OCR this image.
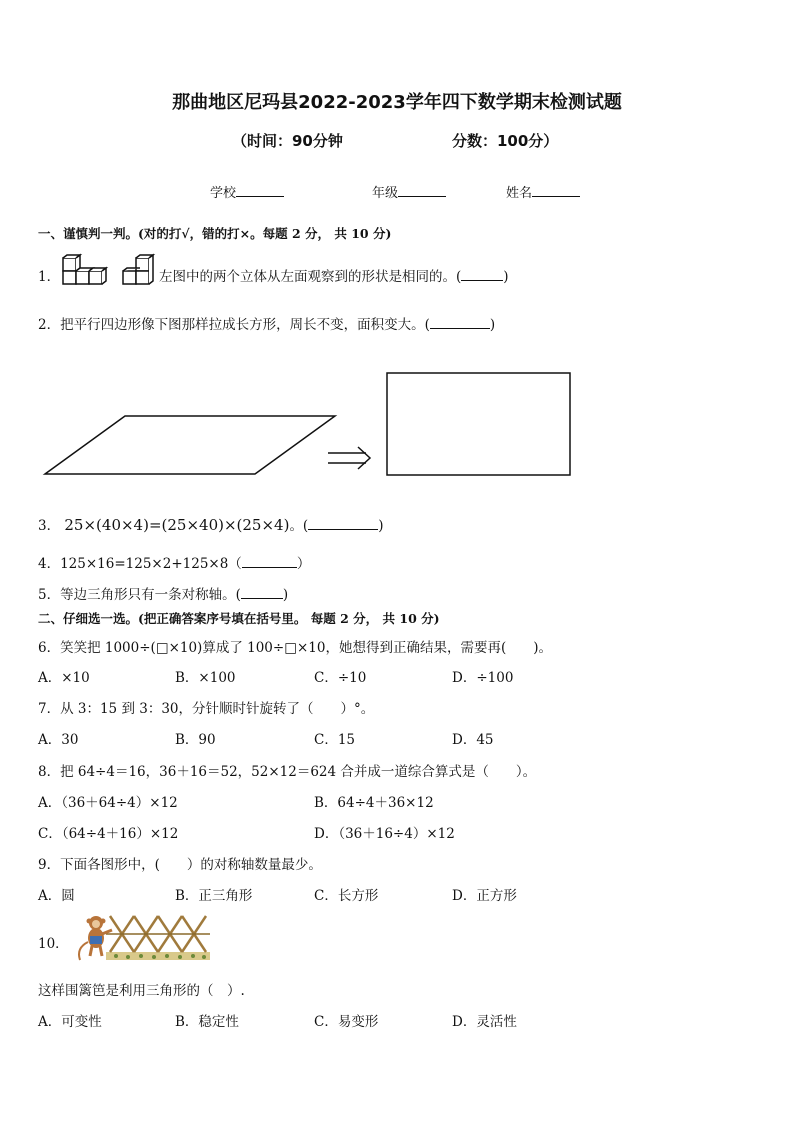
那曲地区尼玛县2022-2023学年四下数学期末检测试题
（时间：90分钟	分数：100分）
学校	年级	姓名
一、谨慎判一判。(对的打√，错的打×。每题 2 分， 共 10 分)
1．	左图中的两个立体从左面观察到的形状是相同的。(	)
2．把平行四边形像下图那样拉成长方形，周长不变，面积变大。(	)
3． 25×(40×4)=(25×40)×(25×4)。(	)
4．125×16=125×2+125×8（	）
5．等边三角形只有一条对称轴。(	)
二、仔细选一选。(把正确答案序号填在括号里。 每题 2 分， 共 10 分)
6．笑笑把 1000÷(□×10)算成了 100÷□×10，她想得到正确结果，需要再(　　)。
A．×10	B．×100	C．÷10	D．÷100
7．从 3：15 到 3：30，分针顺时针旋转了（　　）°。
A．30	B．90	C．15	D．45
8．把 64÷4＝16，36＋16＝52，52×12＝624 合并成一道综合算式是（　　）。
A．（36＋64÷4）×12	B．64÷4＋36×12
C．（64÷4＋16）×12	D．（36＋16÷4）×12
9．下面各图形中，(　　）的对称轴数量最少。
A．圆	B．正三角形	C．长方形	D．正方形
10．
这样围篱笆是利用三角形的（　）.
A．可变性	B．稳定性	C．易变形	D．灵活性
